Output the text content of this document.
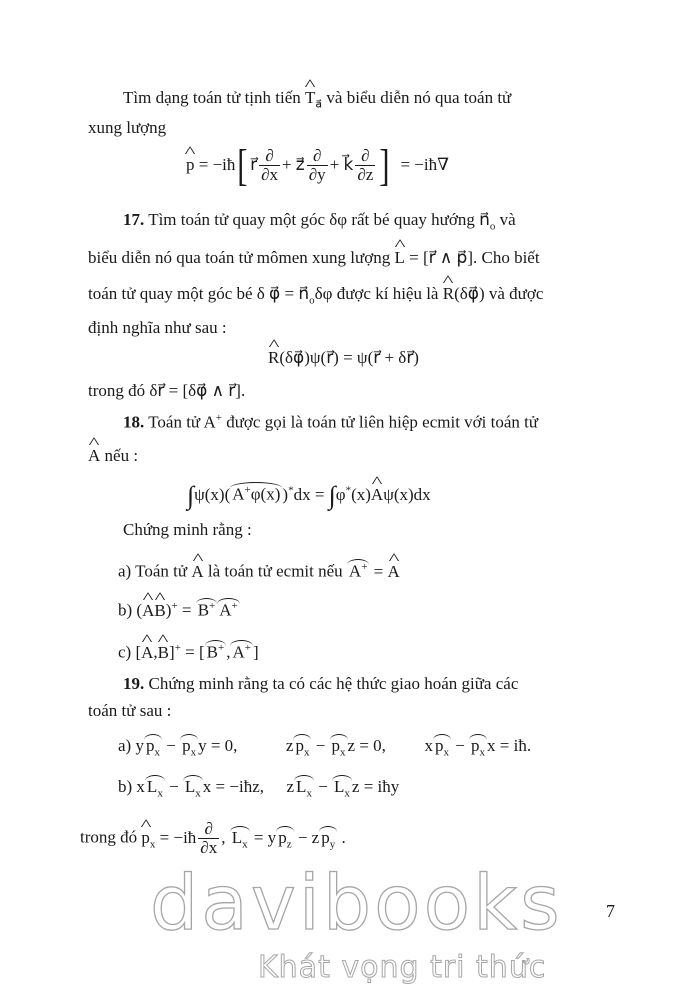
Tìm dạng toán tử tịnh tiến ^ $T_{a⃗}$ và biểu diễn nó qua toán tử
xung lượng
^ p = −iħ[ r⃗ $\frac{\partial}{\partial x}$ + z⃗ $\frac{\partial}{\partial y}$ + k⃗ $\frac{\partial}{\partial z}$ ]  = −iħ∇
17. Tìm toán tử quay một góc δφ rất bé quay hướng $n⃗_o$ và
biểu diễn nó qua toán tử mômen xung lượng ^ L = [r⃗ ∧ p⃗]. Cho biết
toán tử quay một góc bé δ φ⃗ = $n⃗_o\delta\varphi$ được kí hiệu là ^ R(δφ⃗) và được
định nghĩa như sau :
^ R(δφ⃗)ψ(r⃗) = ψ(r⃗ + δr⃗)
trong đó δr⃗ = [δφ⃗ ∧ r⃗].
18. Toán tử A+ được gọi là toán tử liên hiệp ecmit với toán tử
^ A nếu :
∫ψ(x)( A+φ(x) )*dx = ∫φ*(x)^ Aψ(x)dx
Chứng minh rằng :
a) Toán tử ^ A là toán tử ecmit nếu A+ = ^ A
b) (^ A^ B)+ = B+ A+
c) [^ A,^ B]+ = [ B+ , A+ ]
19. Chứng minh rằng ta có các hệ thức giao hoán giữa các
toán tử sau :
a) y $p_x - p_x$ y = 0,  z $p_x - p_x$ z = 0,  x $p_x - p_x$ x = iħ.
b) x $L_x - L_x$ x = −iħz,  z $L_x - L_x$ z = iħy
trong đó ^ $p_x$ = −iħ $\frac{\partial}{\partial x}$ , $L_x = y$ $p_z - z$ $p_y$ .
7
davibooks
Khát vọng tri thức
